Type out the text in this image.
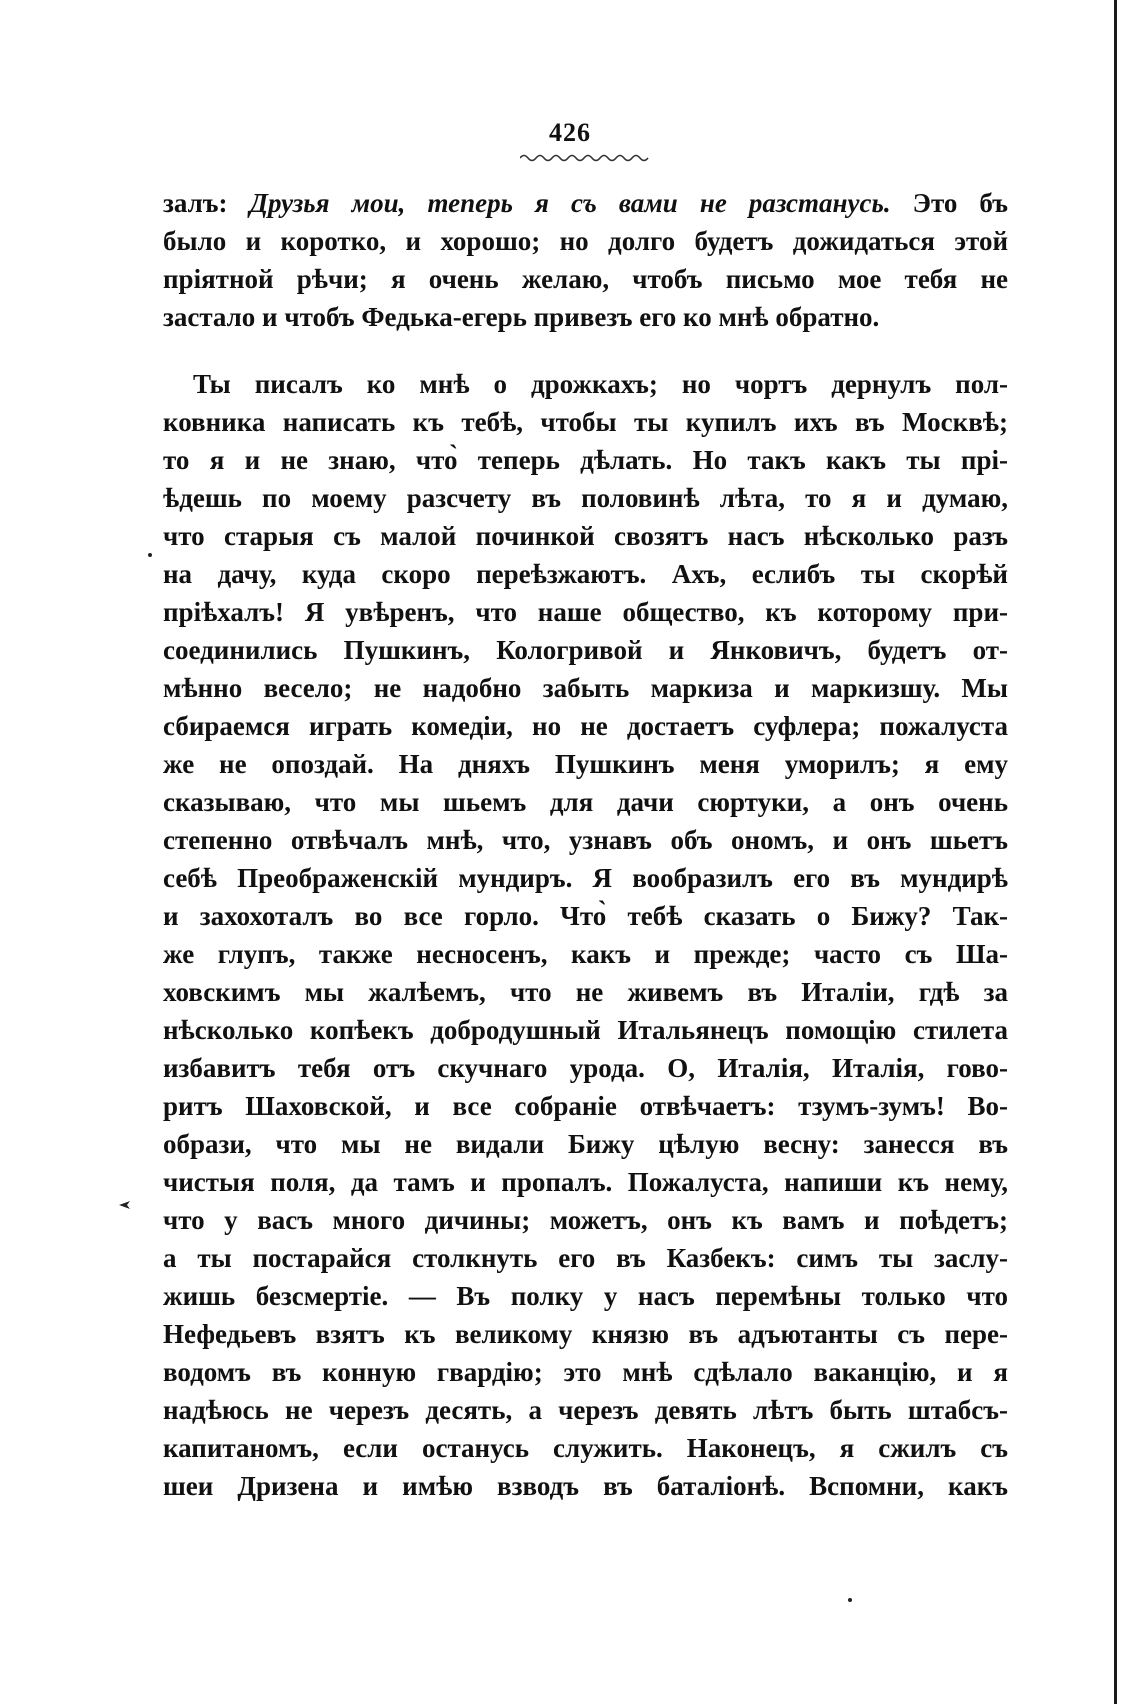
426
залъ: Друзья мои, теперь я съ вами не разстанусь. Это бъ
было и коротко, и хорошо; но долго будетъ дожидаться этой
пріятной рѣчи; я очень желаю, чтобъ письмо мое тебя не
застало и чтобъ Федька-егерь привезъ его ко мнѣ обратно.
Ты писалъ ко мнѣ о дрожкахъ; но чортъ дернулъ пол-
ковника написать къ тебѣ, чтобы ты купилъ ихъ въ Москвѣ;
то я и не знаю, что̀ теперь дѣлать. Но такъ какъ ты прі-
ѣдешь по моему разсчету въ половинѣ лѣта, то я и думаю,
что старыя съ малой починкой свозятъ насъ нѣсколько разъ
на дачу, куда скоро переѣзжаютъ. Ахъ, еслибъ ты скорѣй
пріѣхалъ! Я увѣренъ, что наше общество, къ которому при-
соединились Пушкинъ, Кологривой и Янковичъ, будетъ от-
мѣнно весело; не надобно забыть маркиза и маркизшу. Мы
сбираемся играть комедіи, но не достаетъ суфлера; пожалуста
же не опоздай. На дняхъ Пушкинъ меня уморилъ; я ему
сказываю, что мы шьемъ для дачи сюртуки, а онъ очень
степенно отвѣчалъ мнѣ, что, узнавъ объ ономъ, и онъ шьетъ
себѣ Преображенскій мундиръ. Я вообразилъ его въ мундирѣ
и захохоталъ во все горло. Что̀ тебѣ сказать о Бижу? Так-
же глупъ, также несносенъ, какъ и прежде; часто съ Ша-
ховскимъ мы жалѣемъ, что не живемъ въ Италіи, гдѣ за
нѣсколько копѣекъ добродушный Итальянецъ помощію стилета
избавитъ тебя отъ скучнаго урода. О, Италія, Италія, гово-
ритъ Шаховской, и все собраніе отвѣчаетъ: тзумъ-зумъ! Во-
образи, что мы не видали Бижу цѣлую весну: занесся въ
чистыя поля, да тамъ и пропалъ. Пожалуста, напиши къ нему,
что у васъ много дичины; можетъ, онъ къ вамъ и поѣдетъ;
а ты постарайся столкнуть его въ Казбекъ: симъ ты заслу-
жишь безсмертіе. — Въ полку у насъ перемѣны только что
Нефедьевъ взятъ къ великому князю въ адъютанты съ пере-
водомъ въ конную гвардію; это мнѣ сдѣлало ваканцію, и я
надѣюсь не черезъ десять, а черезъ девять лѣтъ быть штабсъ-
капитаномъ, если останусь служить. Наконецъ, я сжилъ съ
шеи Дризена и имѣю взводъ въ баталіонѣ. Вспомни, какъ
